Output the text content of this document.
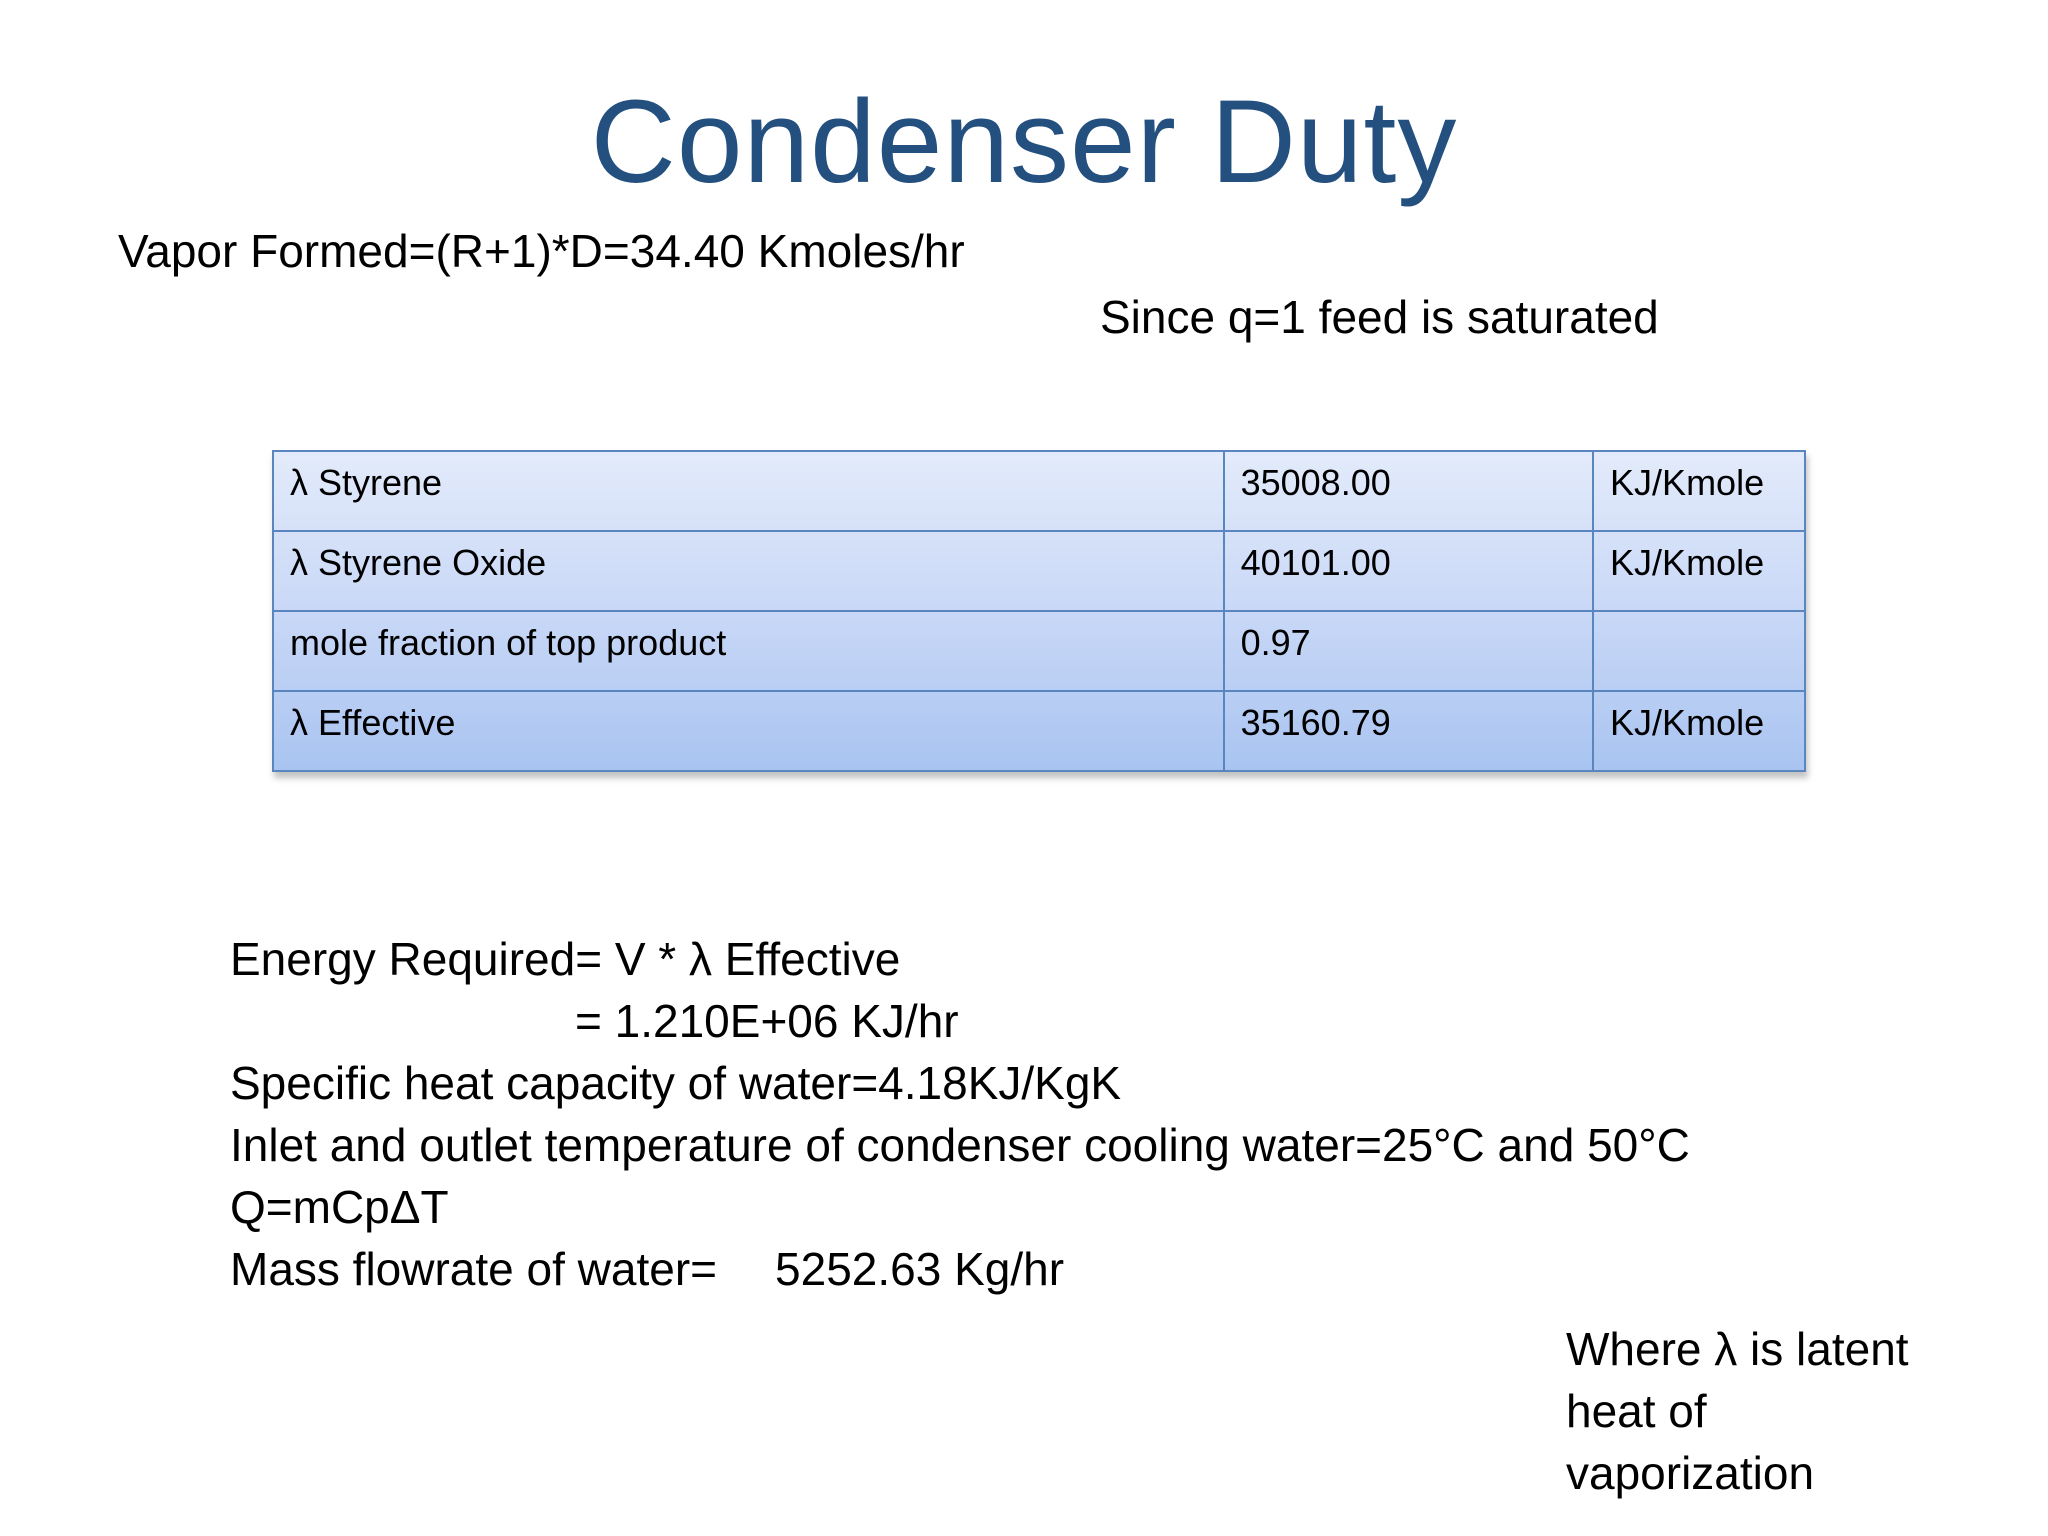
Condenser Duty
Vapor Formed=(R+1)*D=34.40 Kmoles/hr
Since q=1 feed is saturated
λ Styrene	35008.00	KJ/Kmole
λ Styrene Oxide	40101.00	KJ/Kmole
mole fraction of top product	0.97	
λ Effective	35160.79	KJ/Kmole
Energy Required= V * λ Effective
= 1.210E+06 KJ/hr
Specific heat capacity of water=4.18KJ/KgK
Inlet and outlet temperature of condenser cooling water=25°C and 50°C
Q=mCpΔT
Mass flowrate of water= 5252.63 Kg/hr
Where λ is latent
heat of
vaporization
